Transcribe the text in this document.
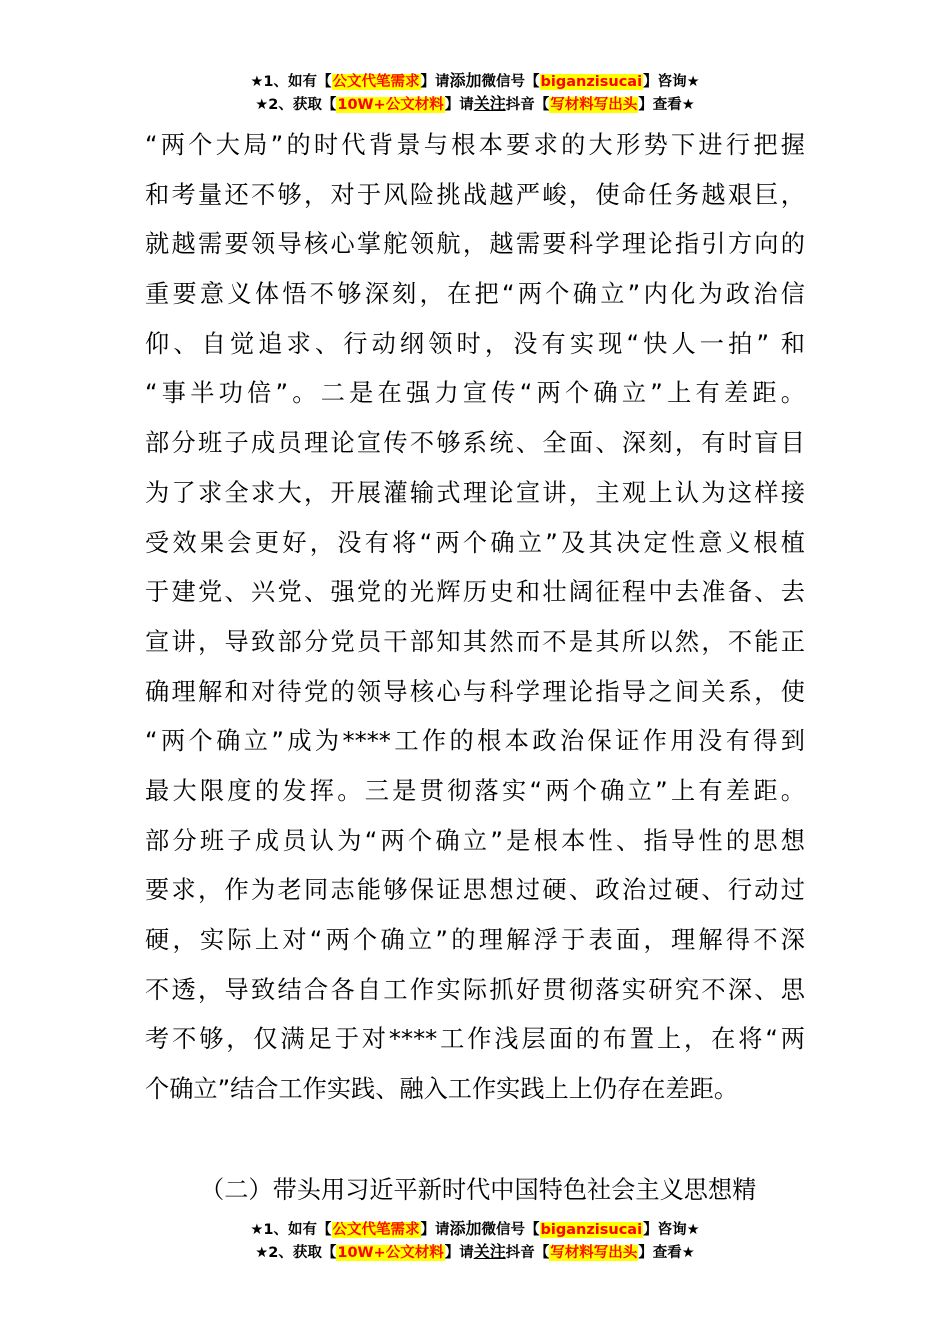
★1、如有【公文代笔需求】请添加微信号【biganzisucai】咨询★
★2、获取【10W+公文材料】请关注抖音【写材料写出头】查看★
“两个大局”的时代背景与根本要求的大形势下进行把握
和考量还不够，对于风险挑战越严峻，使命任务越艰巨，
就越需要领导核心掌舵领航，越需要科学理论指引方向的
重要意义体悟不够深刻，在把“两个确立”内化为政治信
仰、自觉追求、行动纲领时，没有实现“快人一拍” 和
“事半功倍”。二是在强力宣传“两个确立”上有差距。
部分班子成员理论宣传不够系统、全面、深刻，有时盲目
为了求全求大，开展灌输式理论宣讲，主观上认为这样接
受效果会更好，没有将“两个确立”及其决定性意义根植
于建党、兴党、强党的光辉历史和壮阔征程中去准备、去
宣讲，导致部分党员干部知其然而不是其所以然，不能正
确理解和对待党的领导核心与科学理论指导之间关系，使
“两个确立”成为****工作的根本政治保证作用没有得到
最大限度的发挥。三是贯彻落实“两个确立”上有差距。
部分班子成员认为“两个确立”是根本性、指导性的思想
要求，作为老同志能够保证思想过硬、政治过硬、行动过
硬，实际上对“两个确立”的理解浮于表面，理解得不深
不透，导致结合各自工作实际抓好贯彻落实研究不深、思
考不够，仅满足于对****工作浅层面的布置上，在将“两
个确立”结合工作实践、融入工作实践上上仍存在差距。
（二）带头用习近平新时代中国特色社会主义思想精
★1、如有【公文代笔需求】请添加微信号【biganzisucai】咨询★
★2、获取【10W+公文材料】请关注抖音【写材料写出头】查看★
